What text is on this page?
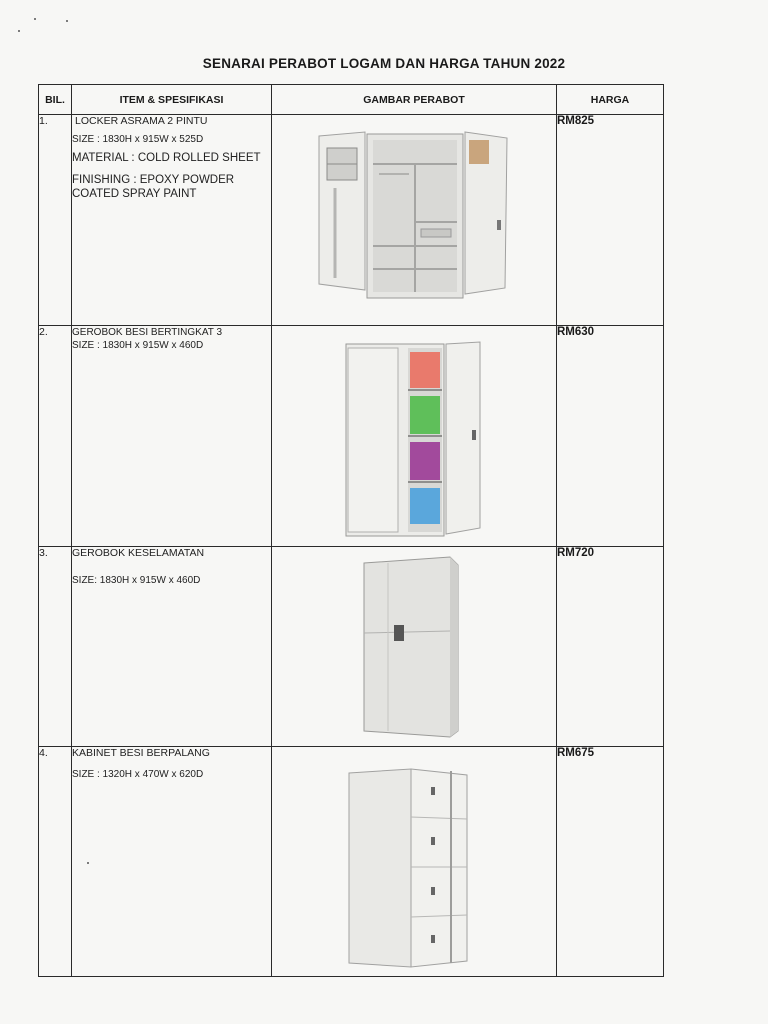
SENARAI PERABOT LOGAM DAN HARGA TAHUN 2022
BIL.	ITEM & SPESIFIKASI	GAMBAR PERABOT	HARGA
1.	LOCKER ASRAMA 2 PINTU

SIZE : 1830H x 915W x 525D

MATERIAL : COLD ROLLED SHEET

FINISHING : EPOXY POWDER COATED SPRAY PAINT		RM825
2.	GEROBOK BESI BERTINGKAT 3

SIZE : 1830H x 915W x 460D		RM630
3.	GEROBOK KESELAMATAN

SIZE: 1830H x 915W x 460D		RM720
4.	KABINET BESI BERPALANG

SIZE : 1320H x 470W x 620D		RM675
